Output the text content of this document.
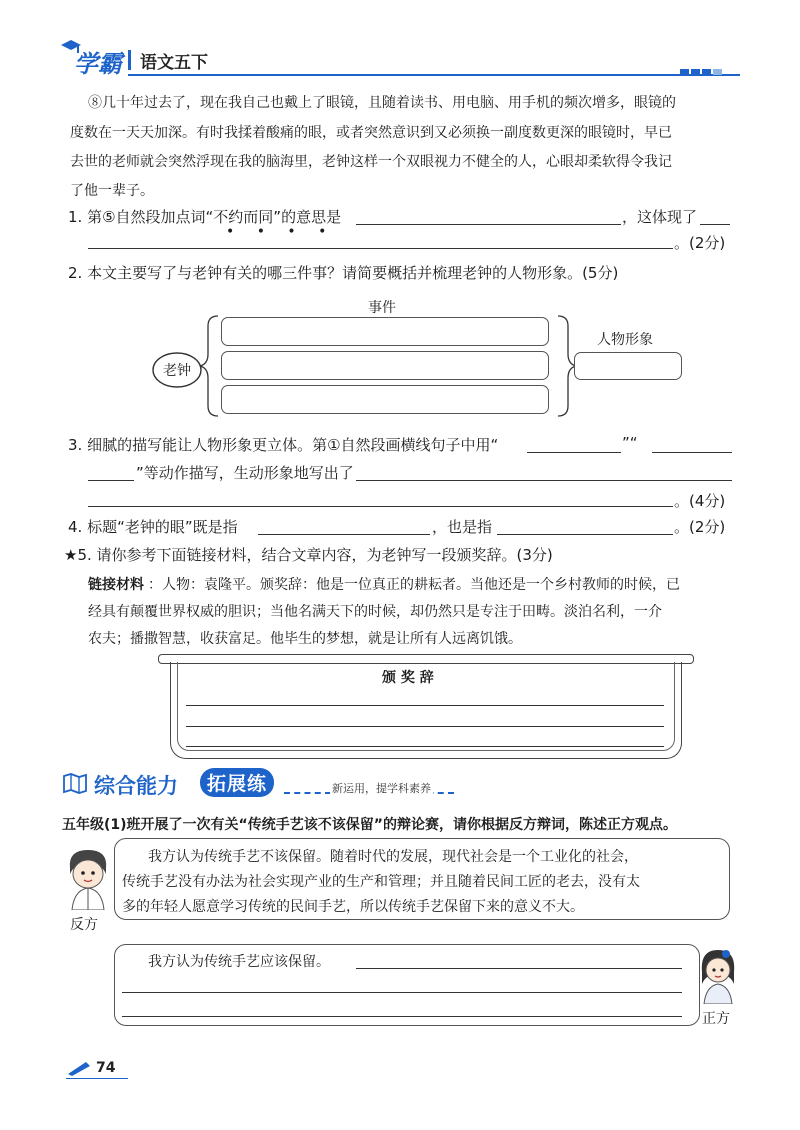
学霸 语文五下
⑧几十年过去了，现在我自己也戴上了眼镜，且随着读书、用电脑、用手机的频次增多，眼镜的
度数在一天天加深。有时我揉着酸痛的眼，或者突然意识到又必须换一副度数更深的眼镜时，早已
去世的老师就会突然浮现在我的脑海里，老钟这样一个双眼视力不健全的人，心眼却柔软得令我记
了他一辈子。
1. 第⑤自然段加点词“不约而同”的意思是
• • • •
，这体现了
。(2分)
2. 本文主要写了与老钟有关的哪三件事？请简要概括并梳理老钟的人物形象。(5分)
事件
老钟
人物形象
3. 细腻的描写能让人物形象更立体。第①自然段画横线句子中用“	”“
”等动作描写，生动形象地写出了
。(4分)
4. 标题“老钟的眼”既是指	，也是指	。(2分)
★5. 请你参考下面链接材料，结合文章内容，为老钟写一段颁奖辞。(3分)
链接材料 ：人物：袁隆平。颁奖辞：他是一位真正的耕耘者。当他还是一个乡村教师的时候，已
经具有颠覆世界权威的胆识；当他名满天下的时候，却仍然只是专注于田畴。淡泊名利，一介
农夫；播撒智慧，收获富足。他毕生的梦想，就是让所有人远离饥饿。
颁 奖 辞
综合能力	拓展练	新运用，提学科素养
五年级(1)班开展了一次有关“传统手艺该不该保留”的辩论赛，请你根据反方辩词，陈述正方观点。
反方
我方认为传统手艺不该保留。随着时代的发展，现代社会是一个工业化的社会，
传统手艺没有办法为社会实现产业的生产和管理；并且随着民间工匠的老去，没有太
多的年轻人愿意学习传统的民间手艺，所以传统手艺保留下来的意义不大。
我方认为传统手艺应该保留。
正方
74
